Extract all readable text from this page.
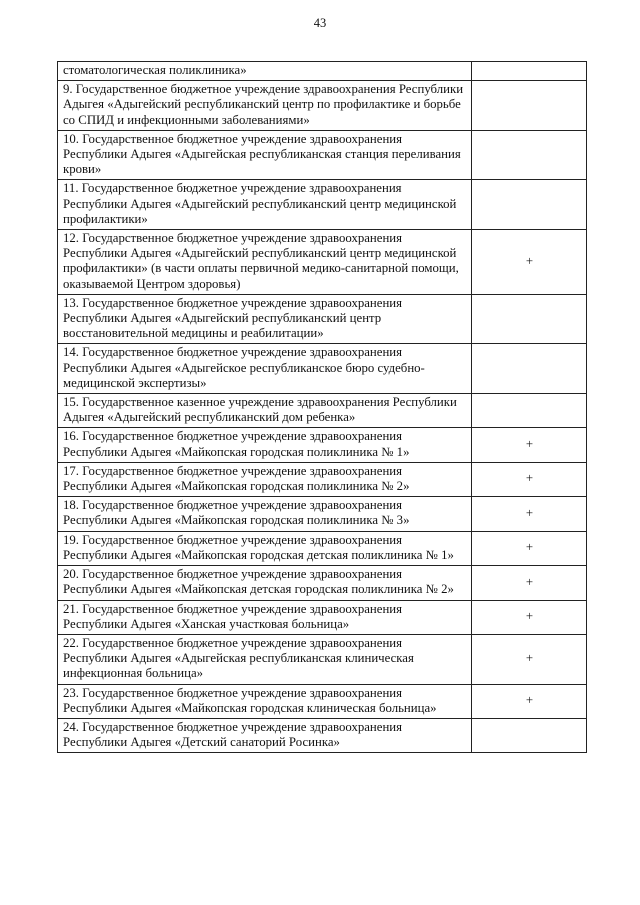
43
стоматологическая поликлиника»	
9. Государственное бюджетное учреждение здравоохранения Республики Адыгея «Адыгейский республиканский центр по профилактике и борьбе со СПИД и инфекционными заболеваниями»	
10. Государственное бюджетное учреждение здравоохранения Республики Адыгея «Адыгейская республиканская станция переливания крови»	
11. Государственное бюджетное учреждение здравоохранения Республики Адыгея «Адыгейский республиканский центр медицинской профилактики»	
12. Государственное бюджетное учреждение здравоохранения Республики Адыгея «Адыгейский республиканский центр медицинской профилактики» (в части оплаты первичной медико-санитарной помощи, оказываемой Центром здоровья)	+
13. Государственное бюджетное учреждение здравоохранения Республики Адыгея «Адыгейский республиканский центр восстановительной медицины и реабилитации»	
14. Государственное бюджетное учреждение здравоохранения Республики Адыгея «Адыгейское республиканское бюро судебно-медицинской экспертизы»	
15. Государственное казенное учреждение здравоохранения Республики Адыгея «Адыгейский республиканский дом ребенка»	
16. Государственное бюджетное учреждение здравоохранения Республики Адыгея «Майкопская городская поликлиника № 1»	+
17. Государственное бюджетное учреждение здравоохранения Республики Адыгея «Майкопская городская поликлиника № 2»	+
18. Государственное бюджетное учреждение здравоохранения Республики Адыгея «Майкопская городская поликлиника № 3»	+
19. Государственное бюджетное учреждение здравоохранения Республики Адыгея «Майкопская городская детская поликлиника № 1»	+
20. Государственное бюджетное учреждение здравоохранения Республики Адыгея «Майкопская детская городская поликлиника № 2»	+
21. Государственное бюджетное учреждение здравоохранения Республики Адыгея «Ханская участковая больница»	+
22. Государственное бюджетное учреждение здравоохранения Республики Адыгея «Адыгейская республиканская клиническая инфекционная больница»	+
23. Государственное бюджетное учреждение здравоохранения Республики Адыгея «Майкопская городская клиническая больница»	+
24. Государственное бюджетное учреждение здравоохранения Республики Адыгея «Детский санаторий Росинка»	
